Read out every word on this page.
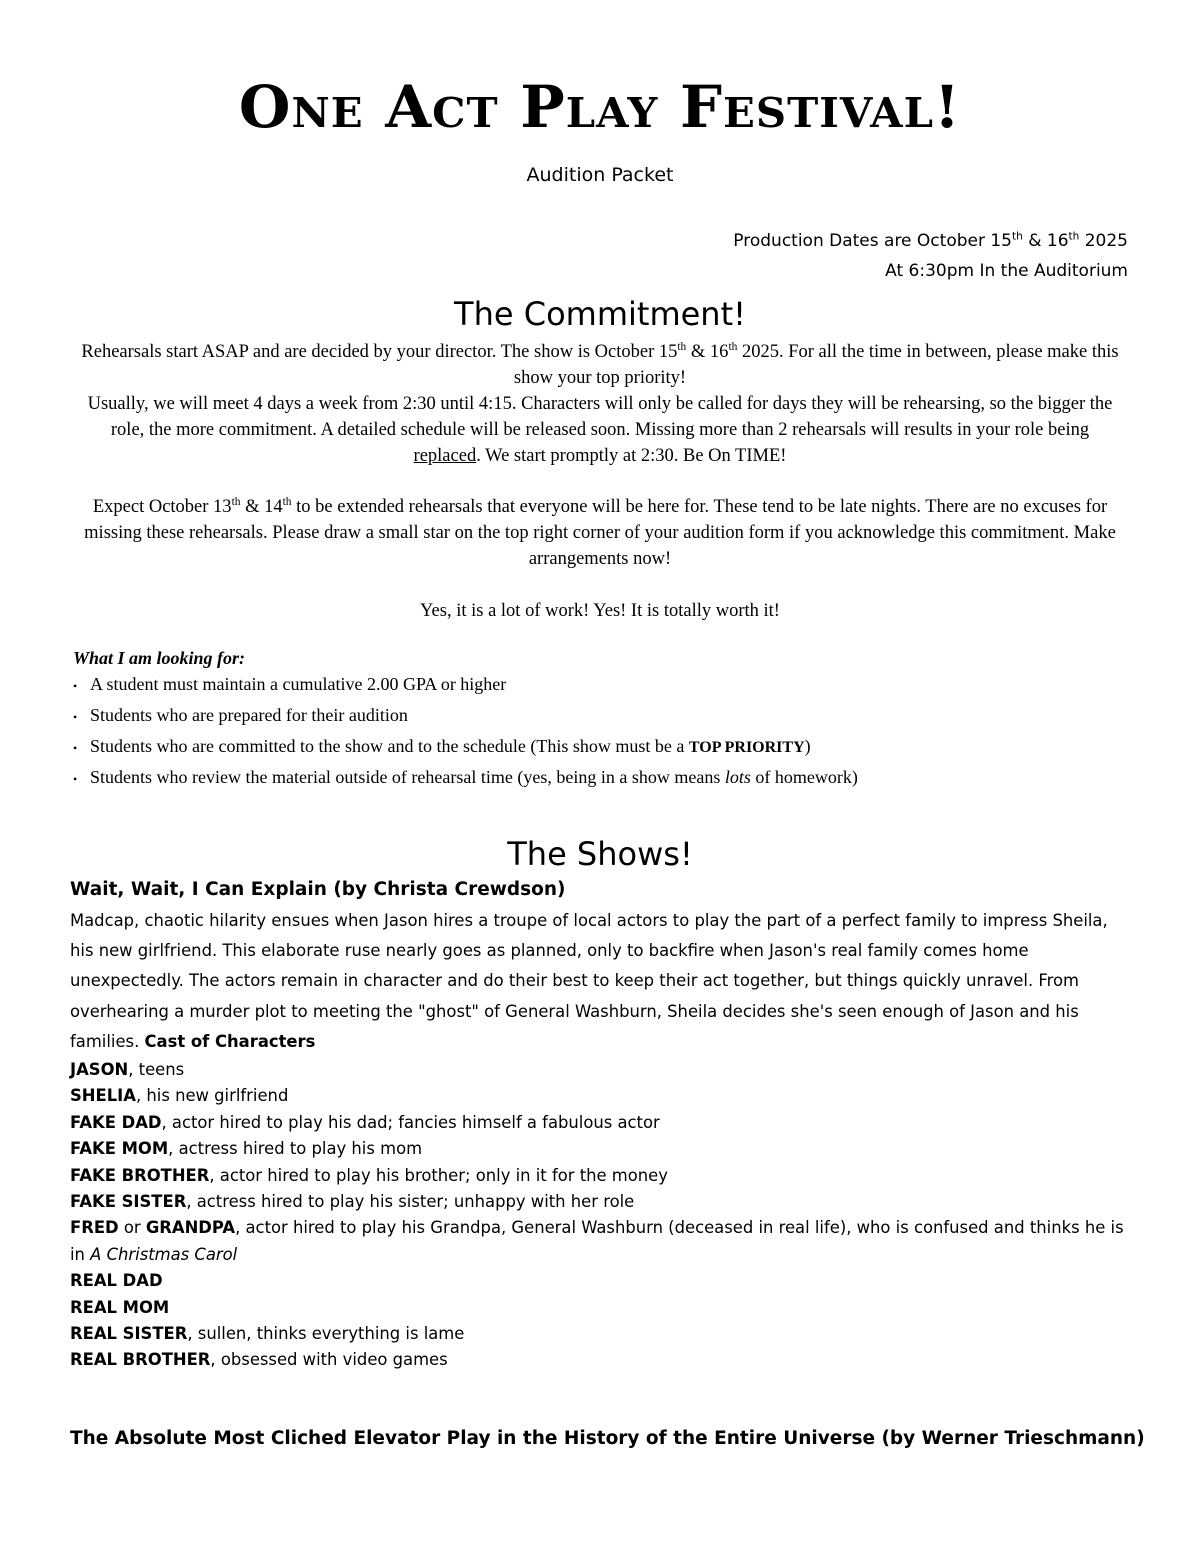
One Act Play Festival!
Audition Packet
Production Dates are October 15th & 16th 2025
At 6:30pm In the Auditorium
The Commitment!
Rehearsals start ASAP and are decided by your director. The show is October 15th & 16th 2025. For all the time in between, please make this show your top priority!
Usually, we will meet 4 days a week from 2:30 until 4:15. Characters will only be called for days they will be rehearsing, so the bigger the role, the more commitment. A detailed schedule will be released soon. Missing more than 2 rehearsals will results in your role being replaced. We start promptly at 2:30. Be On TIME!
Expect October 13th & 14th to be extended rehearsals that everyone will be here for. These tend to be late nights. There are no excuses for missing these rehearsals. Please draw a small star on the top right corner of your audition form if you acknowledge this commitment. Make arrangements now!
Yes, it is a lot of work! Yes! It is totally worth it!
What I am looking for:
• A student must maintain a cumulative 2.00 GPA or higher
• Students who are prepared for their audition
• Students who are committed to the show and to the schedule (This show must be a TOP PRIORITY)
• Students who review the material outside of rehearsal time (yes, being in a show means lots of homework)
The Shows!
Wait, Wait, I Can Explain (by Christa Crewdson)
Madcap, chaotic hilarity ensues when Jason hires a troupe of local actors to play the part of a perfect family to impress Sheila, his new girlfriend. This elaborate ruse nearly goes as planned, only to backfire when Jason's real family comes home unexpectedly. The actors remain in character and do their best to keep their act together, but things quickly unravel. From overhearing a murder plot to meeting the "ghost" of General Washburn, Sheila decides she's seen enough of Jason and his families. Cast of Characters
JASON, teens
SHELIA, his new girlfriend
FAKE DAD, actor hired to play his dad; fancies himself a fabulous actor
FAKE MOM, actress hired to play his mom
FAKE BROTHER, actor hired to play his brother; only in it for the money
FAKE SISTER, actress hired to play his sister; unhappy with her role
FRED or GRANDPA, actor hired to play his Grandpa, General Washburn (deceased in real life), who is confused and thinks he is in A Christmas Carol
REAL DAD
REAL MOM
REAL SISTER, sullen, thinks everything is lame
REAL BROTHER, obsessed with video games
The Absolute Most Cliched Elevator Play in the History of the Entire Universe (by Werner Trieschmann)
